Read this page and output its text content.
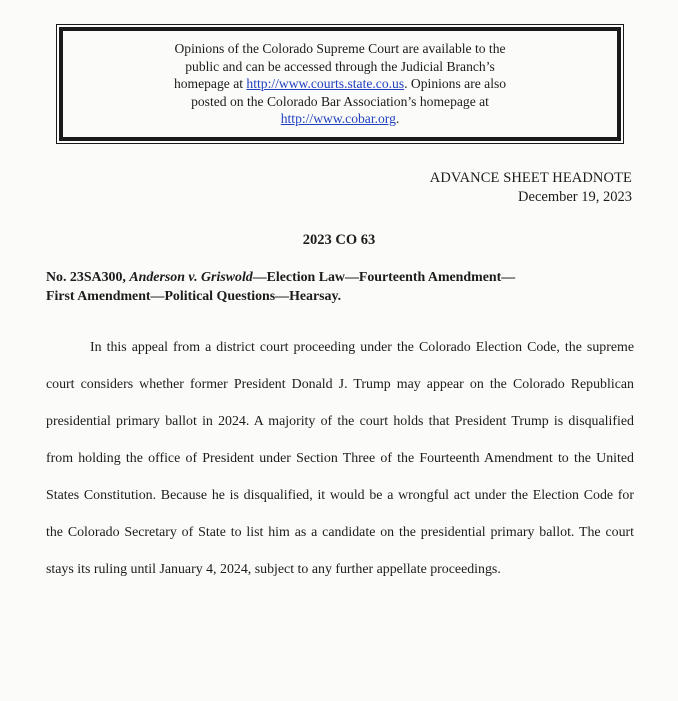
Opinions of the Colorado Supreme Court are available to the
public and can be accessed through the Judicial Branch’s
homepage at http://www.courts.state.co.us. Opinions are also
posted on the Colorado Bar Association’s homepage at
http://www.cobar.org.
ADVANCE SHEET HEADNOTE
December 19, 2023
2023 CO 63
No. 23SA300, Anderson v. Griswold—Election Law—Fourteenth Amendment—
First Amendment—Political Questions—Hearsay.

In this appeal from a district court proceeding under the Colorado Election Code, the supreme court considers whether former President Donald J. Trump may appear on the Colorado Republican presidential primary ballot in 2024. A majority of the court holds that President Trump is disqualified from holding the office of President under Section Three of the Fourteenth Amendment to the United States Constitution. Because he is disqualified, it would be a wrongful act under the Election Code for the Colorado Secretary of State to list him as a candidate on the presidential primary ballot. The court stays its ruling until January 4, 2024, subject to any further appellate proceedings.
